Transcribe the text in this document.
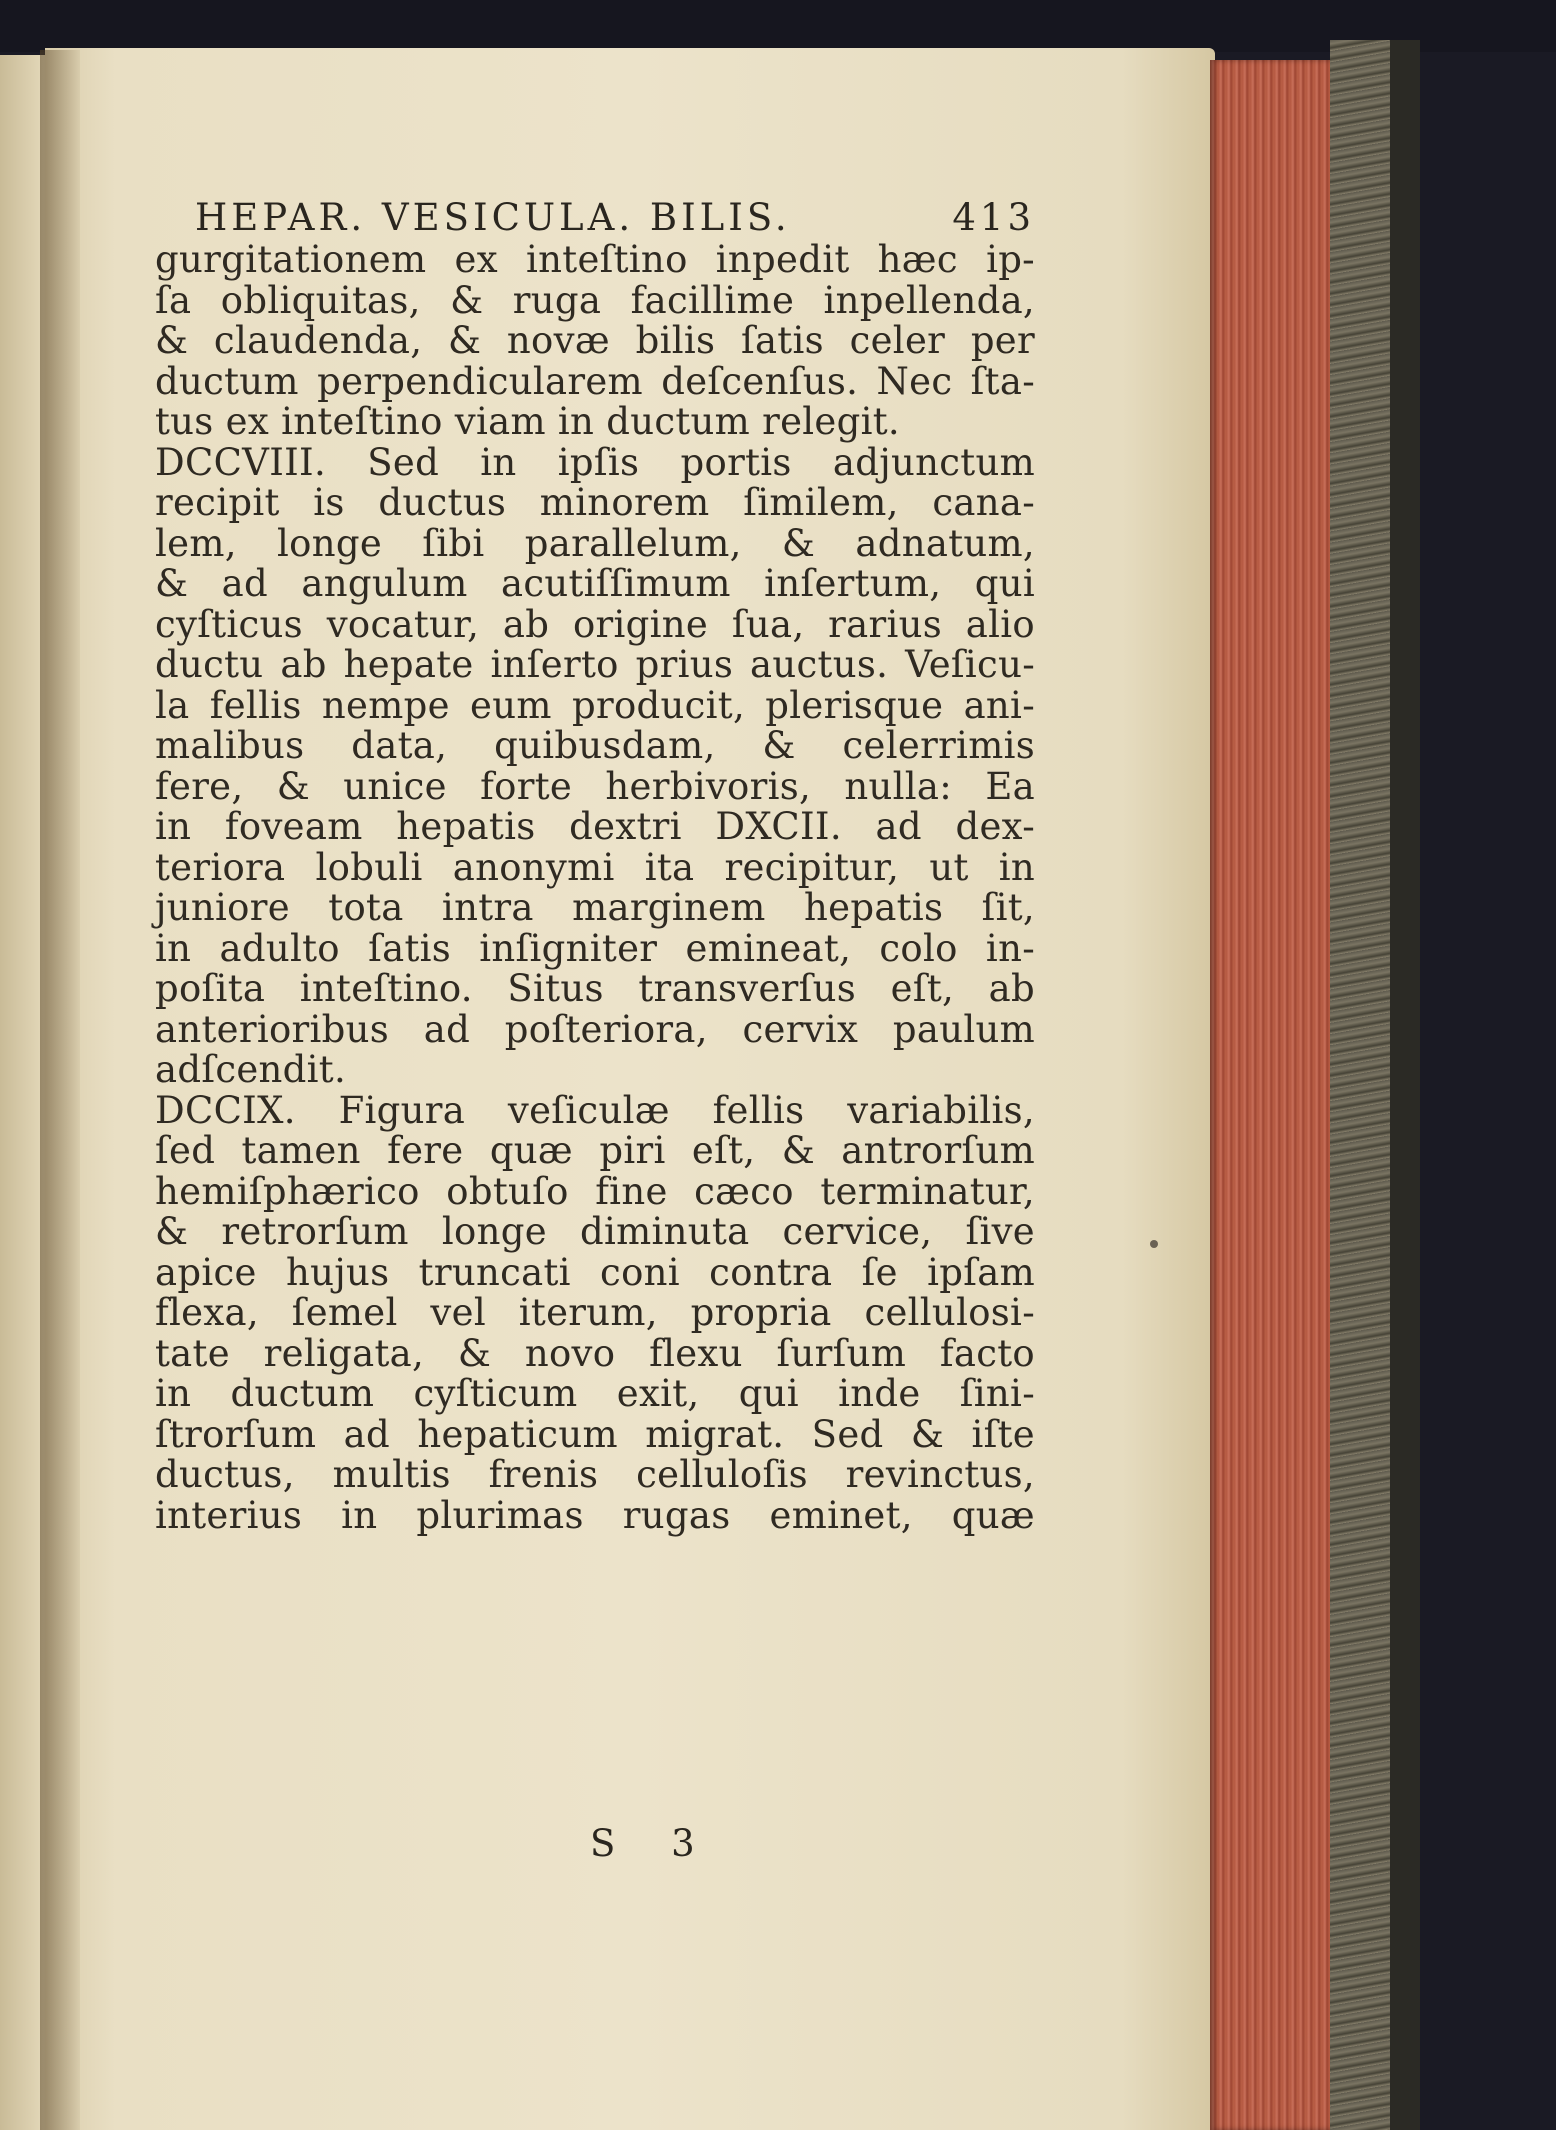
HEPAR. VESICULA. BILIS.	413
gurgitationem ex inteſtino inpedit hæc ip-
ſa obliquitas, & ruga facillime inpellenda,
& claudenda, & novæ bilis ſatis celer per
ductum perpendicularem deſcenſus. Nec ſta-
tus ex inteſtino viam in ductum relegit.
DCCVIII. Sed in ipſis portis adjunctum
recipit is ductus minorem ſimilem, cana-
lem, longe ſibi parallelum, & adnatum,
& ad angulum acutiſſimum inſertum, qui
cyſticus vocatur, ab origine ſua, rarius alio
ductu ab hepate inſerto prius auctus. Veſicu-
la fellis nempe eum producit, plerisque ani-
malibus data, quibusdam, & celerrimis
fere, & unice forte herbivoris, nulla: Ea
in foveam hepatis dextri DXCII. ad dex-
teriora lobuli anonymi ita recipitur, ut in
juniore tota intra marginem hepatis ſit,
in adulto ſatis inſigniter emineat, colo in-
poſita inteſtino. Situs transverſus eſt, ab
anterioribus ad poſteriora, cervix paulum
adſcendit.
DCCIX. Figura veſiculæ fellis variabilis,
ſed tamen fere quæ piri eſt, & antrorſum
hemiſphærico obtuſo fine cæco terminatur,
& retrorſum longe diminuta cervice, ſive
apice hujus truncati coni contra ſe ipſam
flexa, ſemel vel iterum, propria cellulosi-
tate religata, & novo flexu ſurſum facto
in ductum cyſticum exit, qui inde ſini-
ſtrorſum ad hepaticum migrat. Sed & iſte
ductus, multis frenis celluloſis revinctus,
interius in plurimas rugas eminet, quæ
S 3
